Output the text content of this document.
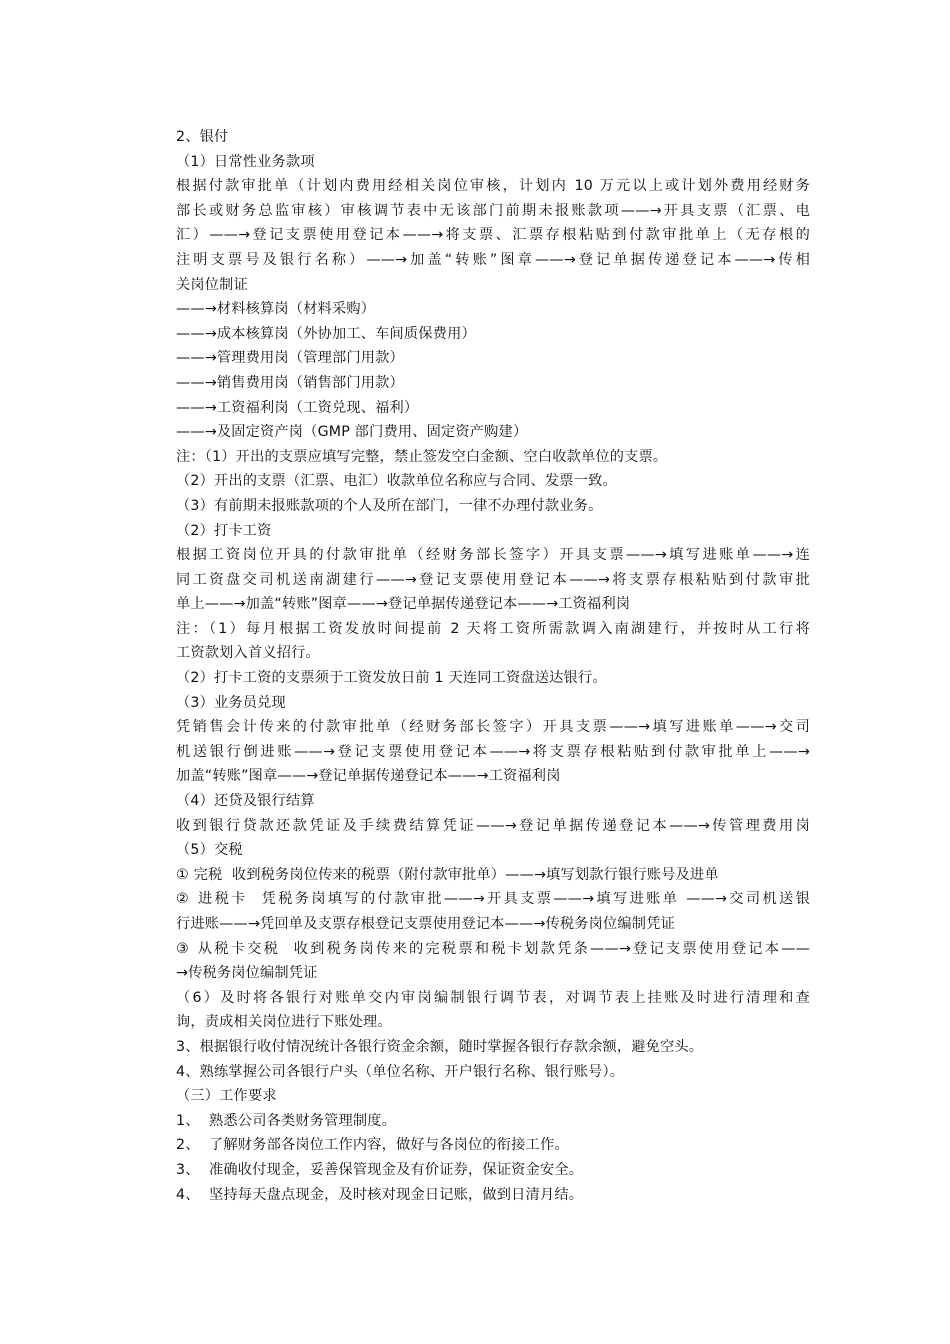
2、银付
（1）日常性业务款项
根据付款审批单（计划内费用经相关岗位审核，计划内 10 万元以上或计划外费用经财务
部长或财务总监审核）审核调节表中无该部门前期未报账款项——→开具支票（汇票、电
汇）——→登记支票使用登记本——→将支票、汇票存根粘贴到付款审批单上（无存根的
注明支票号及银行名称）——→加盖“转账”图章——→登记单据传递登记本——→传相
关岗位制证
——→材料核算岗（材料采购）
——→成本核算岗（外协加工、车间质保费用）
——→管理费用岗（管理部门用款）
——→销售费用岗（销售部门用款）
——→工资福利岗（工资兑现、福利）
——→及固定资产岗（GMP 部门费用、固定资产购建）
注：（1）开出的支票应填写完整，禁止签发空白金额、空白收款单位的支票。
（2）开出的支票（汇票、电汇）收款单位名称应与合同、发票一致。
（3）有前期未报账款项的个人及所在部门，一律不办理付款业务。
（2）打卡工资
根据工资岗位开具的付款审批单（经财务部长签字）开具支票——→填写进账单——→连
同工资盘交司机送南湖建行——→登记支票使用登记本——→将支票存根粘贴到付款审批
单上——→加盖“转账”图章——→登记单据传递登记本——→工资福利岗
注：（1）每月根据工资发放时间提前 2 天将工资所需款调入南湖建行，并按时从工行将
工资款划入首义招行。
（2）打卡工资的支票须于工资发放日前 1 天连同工资盘送达银行。
（3）业务员兑现
凭销售会计传来的付款审批单（经财务部长签字）开具支票——→填写进账单——→交司
机送银行倒进账——→登记支票使用登记本——→将支票存根粘贴到付款审批单上——→
加盖“转账”图章——→登记单据传递登记本——→工资福利岗
（4）还贷及银行结算
收到银行贷款还款凭证及手续费结算凭证——→登记单据传递登记本——→传管理费用岗
（5）交税
① 完税  收到税务岗位传来的税票（附付款审批单）——→填写划款行银行账号及进单
② 进税卡  凭税务岗填写的付款审批——→开具支票——→填写进账单 ——→交司机送银
行进账——→凭回单及支票存根登记支票使用登记本——→传税务岗位编制凭证
③ 从税卡交税  收到税务岗传来的完税票和税卡划款凭条——→登记支票使用登记本——
→传税务岗位编制凭证
（6）及时将各银行对账单交内审岗编制银行调节表，对调节表上挂账及时进行清理和查
询，责成相关岗位进行下账处理。
3、根据银行收付情况统计各银行资金余额，随时掌握各银行存款余额，避免空头。
4、熟练掌握公司各银行户头（单位名称、开户银行名称、银行账号）。
（三）工作要求
1、  熟悉公司各类财务管理制度。
2、  了解财务部各岗位工作内容，做好与各岗位的衔接工作。
3、  准确收付现金，妥善保管现金及有价证券，保证资金安全。
4、  坚持每天盘点现金，及时核对现金日记账，做到日清月结。
